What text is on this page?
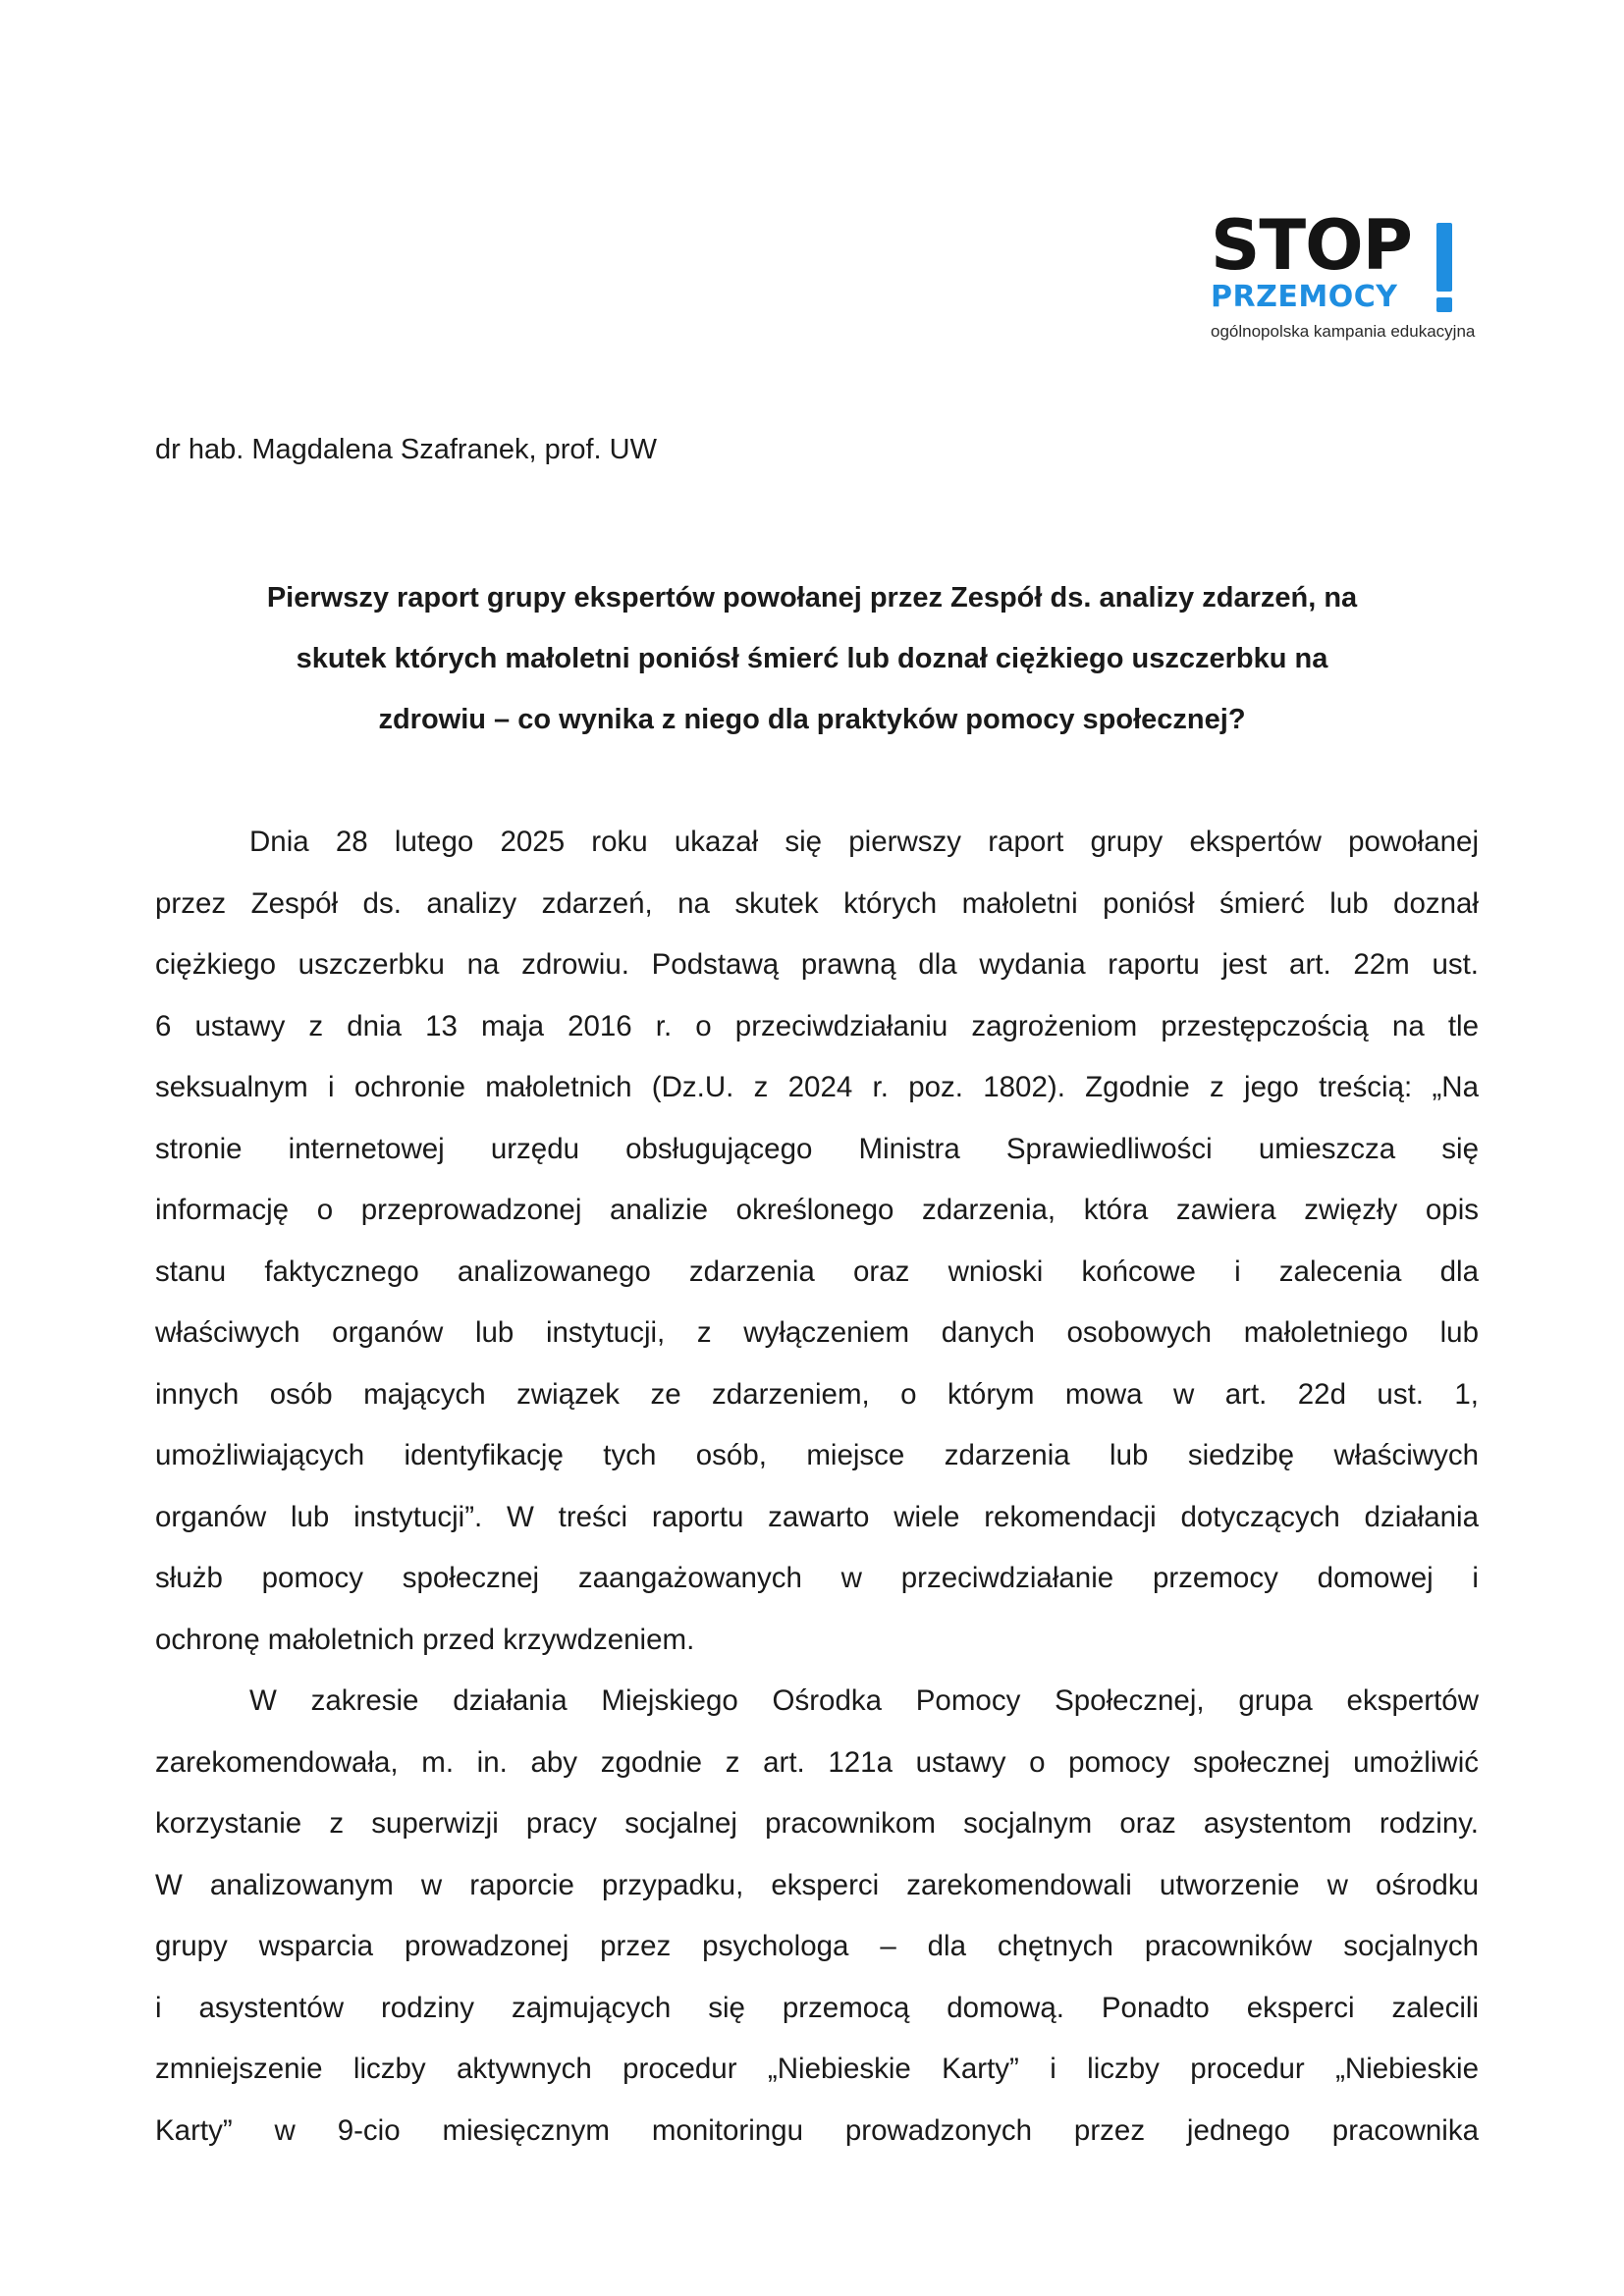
STOP
PRZEMOCY
ogólnopolska kampania edukacyjna
dr hab. Magdalena Szafranek, prof. UW
Pierwszy raport grupy ekspertów powołanej przez Zespół ds. analizy zdarzeń, na
skutek których małoletni poniósł śmierć lub doznał ciężkiego uszczerbku na
zdrowiu – co wynika z niego dla praktyków pomocy społecznej?
Dnia 28 lutego 2025 roku ukazał się pierwszy raport grupy ekspertów powołanej
przez Zespół ds. analizy zdarzeń, na skutek których małoletni poniósł śmierć lub doznał
ciężkiego uszczerbku na zdrowiu. Podstawą prawną dla wydania raportu jest art. 22m ust.
6 ustawy z dnia 13 maja 2016 r. o przeciwdziałaniu zagrożeniom przestępczością na tle
seksualnym i ochronie małoletnich (Dz.U. z 2024 r. poz. 1802). Zgodnie z jego treścią: „Na
stronie internetowej urzędu obsługującego Ministra Sprawiedliwości umieszcza się
informację o przeprowadzonej analizie określonego zdarzenia, która zawiera zwięzły opis
stanu faktycznego analizowanego zdarzenia oraz wnioski końcowe i zalecenia dla
właściwych organów lub instytucji, z wyłączeniem danych osobowych małoletniego lub
innych osób mających związek ze zdarzeniem, o którym mowa w art. 22d ust. 1,
umożliwiających identyfikację tych osób, miejsce zdarzenia lub siedzibę właściwych
organów lub instytucji”. W treści raportu zawarto wiele rekomendacji dotyczących działania
służb pomocy społecznej zaangażowanych w przeciwdziałanie przemocy domowej i
ochronę małoletnich przed krzywdzeniem.
W zakresie działania Miejskiego Ośrodka Pomocy Społecznej, grupa ekspertów
zarekomendowała, m. in. aby zgodnie z art. 121a ustawy o pomocy społecznej umożliwić
korzystanie z superwizji pracy socjalnej pracownikom socjalnym oraz asystentom rodziny.
W analizowanym w raporcie przypadku, eksperci zarekomendowali utworzenie w ośrodku
grupy wsparcia prowadzonej przez psychologa – dla chętnych pracowników socjalnych
i asystentów rodziny zajmujących się przemocą domową. Ponadto eksperci zalecili
zmniejszenie liczby aktywnych procedur „Niebieskie Karty” i liczby procedur „Niebieskie
Karty” w 9-cio miesięcznym monitoringu prowadzonych przez jednego pracownika
